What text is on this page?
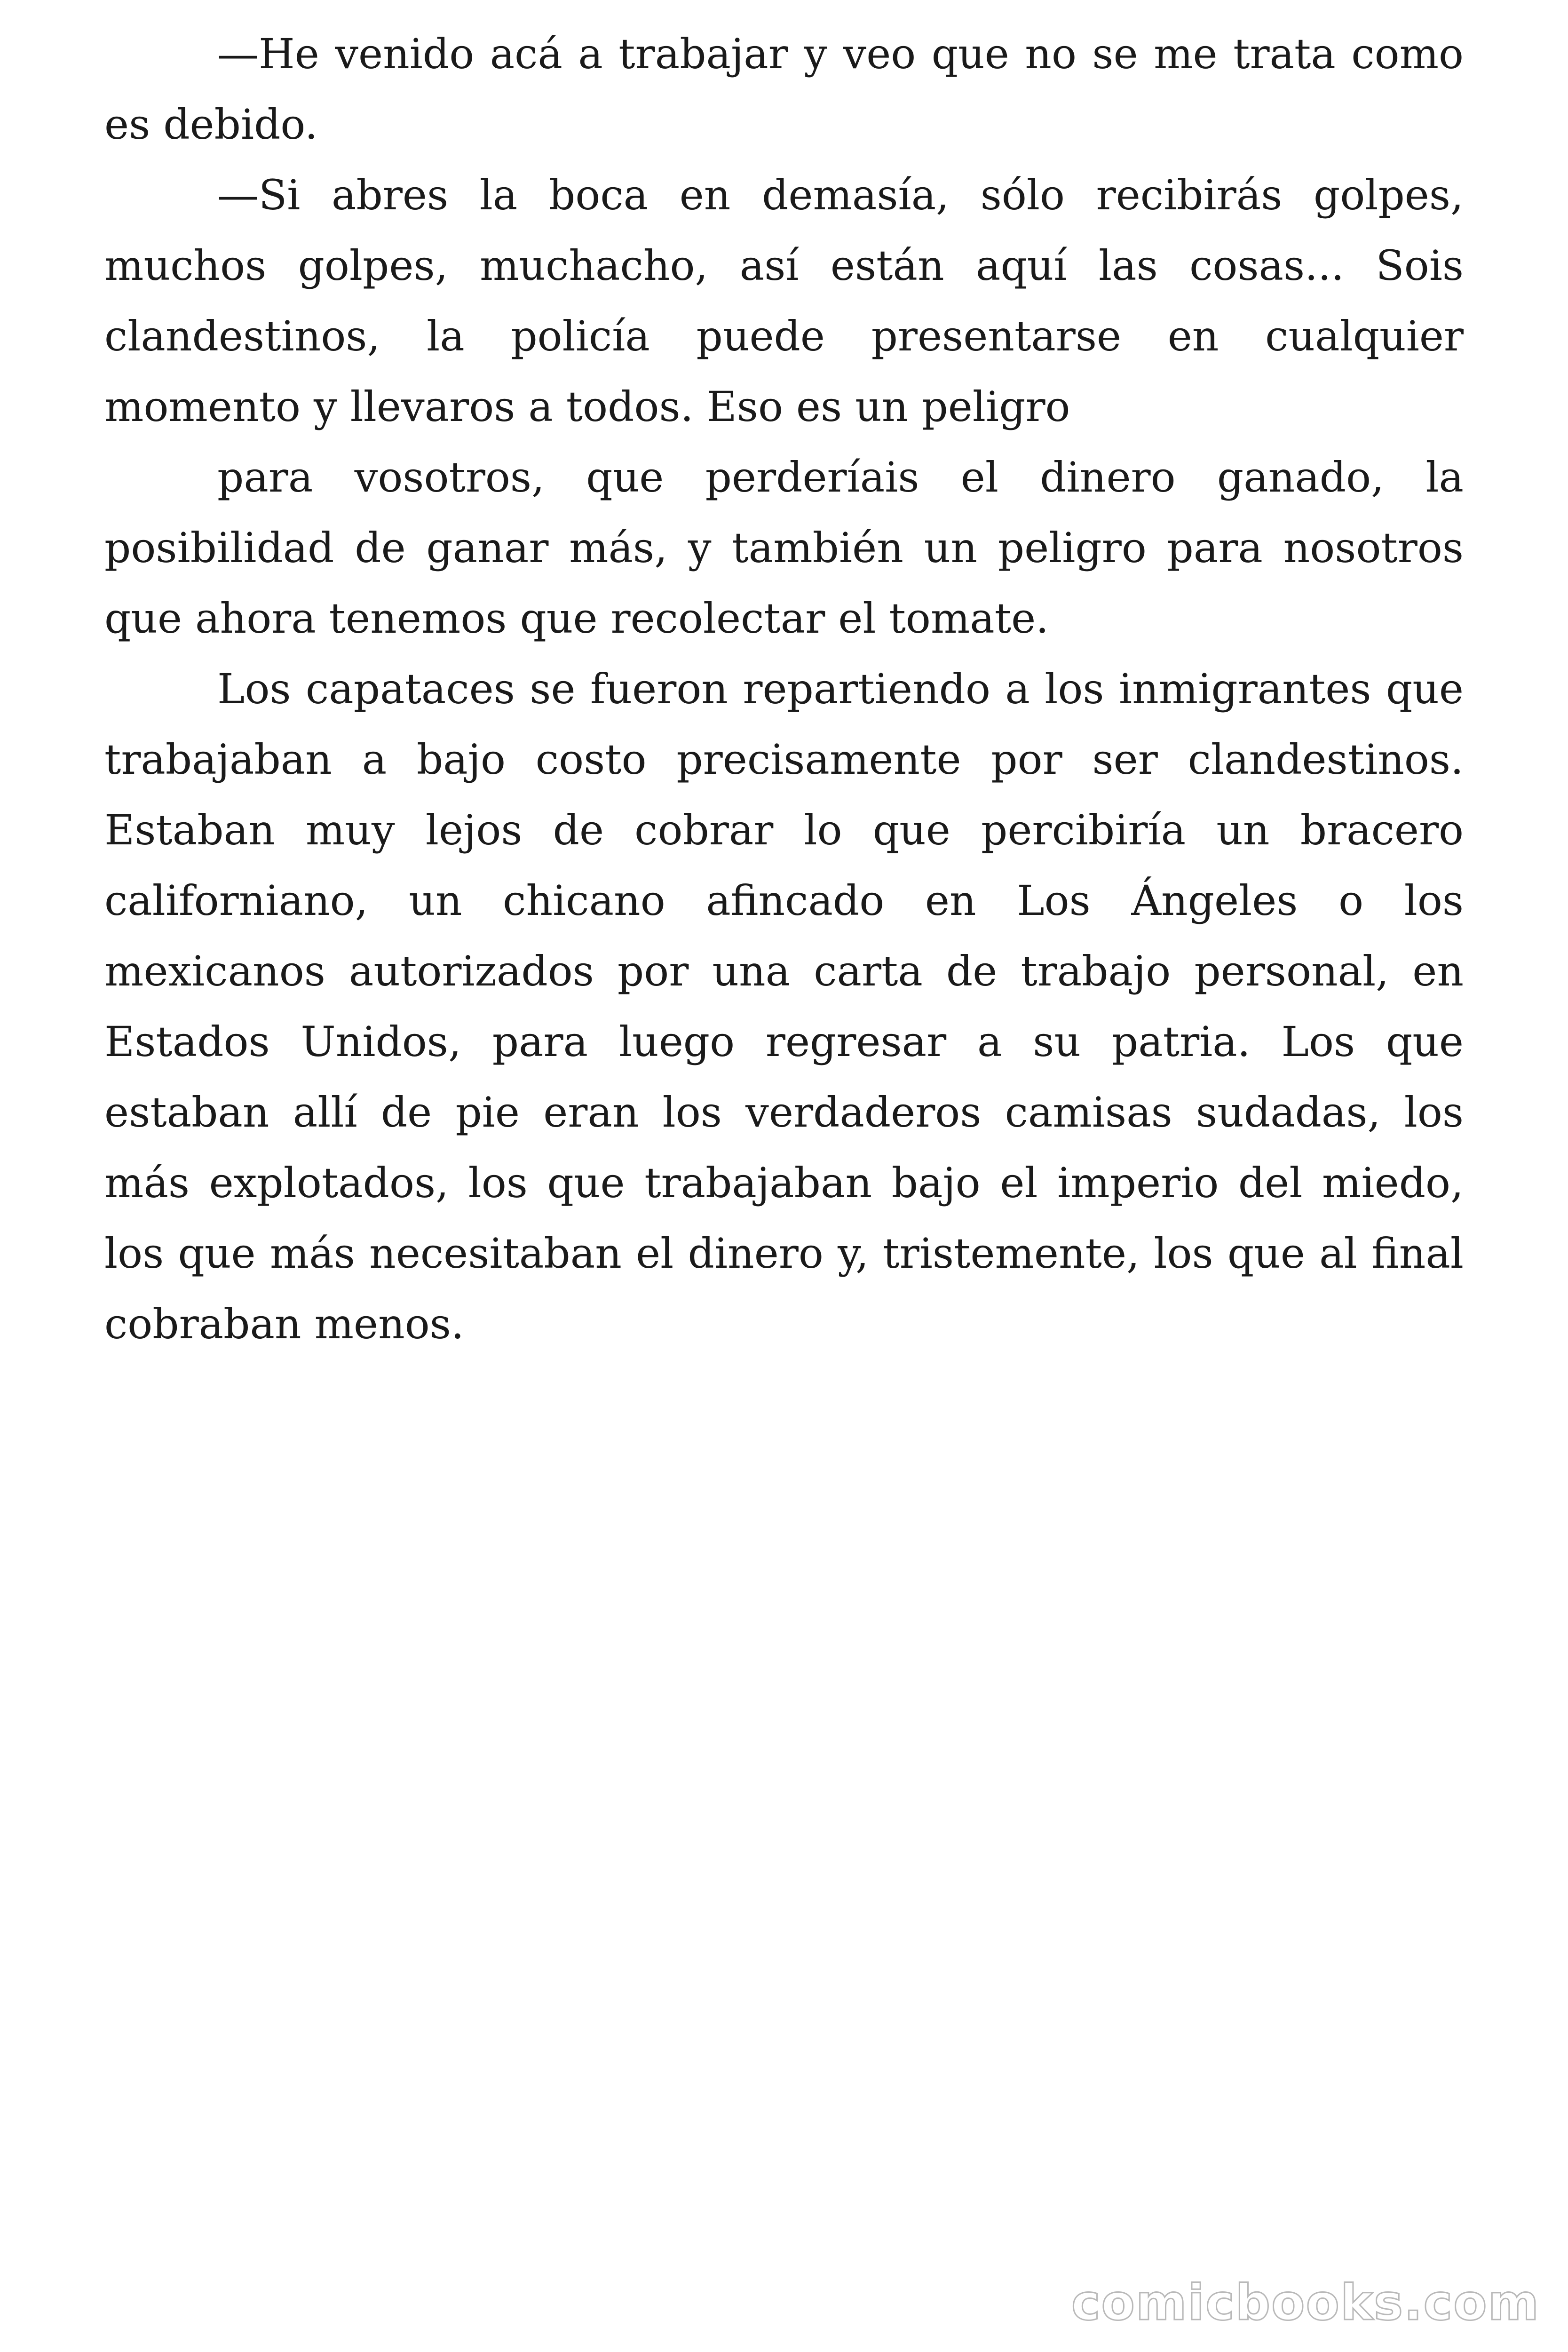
—He venido acá a trabajar y veo que no se me trata como es debido.

—Si abres la boca en demasía, sólo recibirás golpes, muchos golpes, muchacho, así están aquí las cosas... Sois clandestinos, la policía puede presentarse en cualquier momento y llevaros a todos. Eso es un peligro

para vosotros, que perderíais el dinero ganado, la posibilidad de ganar más, y también un peligro para nosotros que ahora tenemos que recolectar el tomate.

Los capataces se fueron repartiendo a los inmigrantes que trabajaban a bajo costo precisamente por ser clandestinos. Estaban muy lejos de cobrar lo que percibiría un bracero californiano, un chicano afincado en Los Ángeles o los mexicanos autorizados por una carta de trabajo personal, en Estados Unidos, para luego regresar a su patria. Los que estaban allí de pie eran los verdaderos camisas sudadas, los más explotados, los que trabajaban bajo el imperio del miedo, los que más necesitaban el dinero y, tristemente, los que al final cobraban menos.

comicbooks.com
